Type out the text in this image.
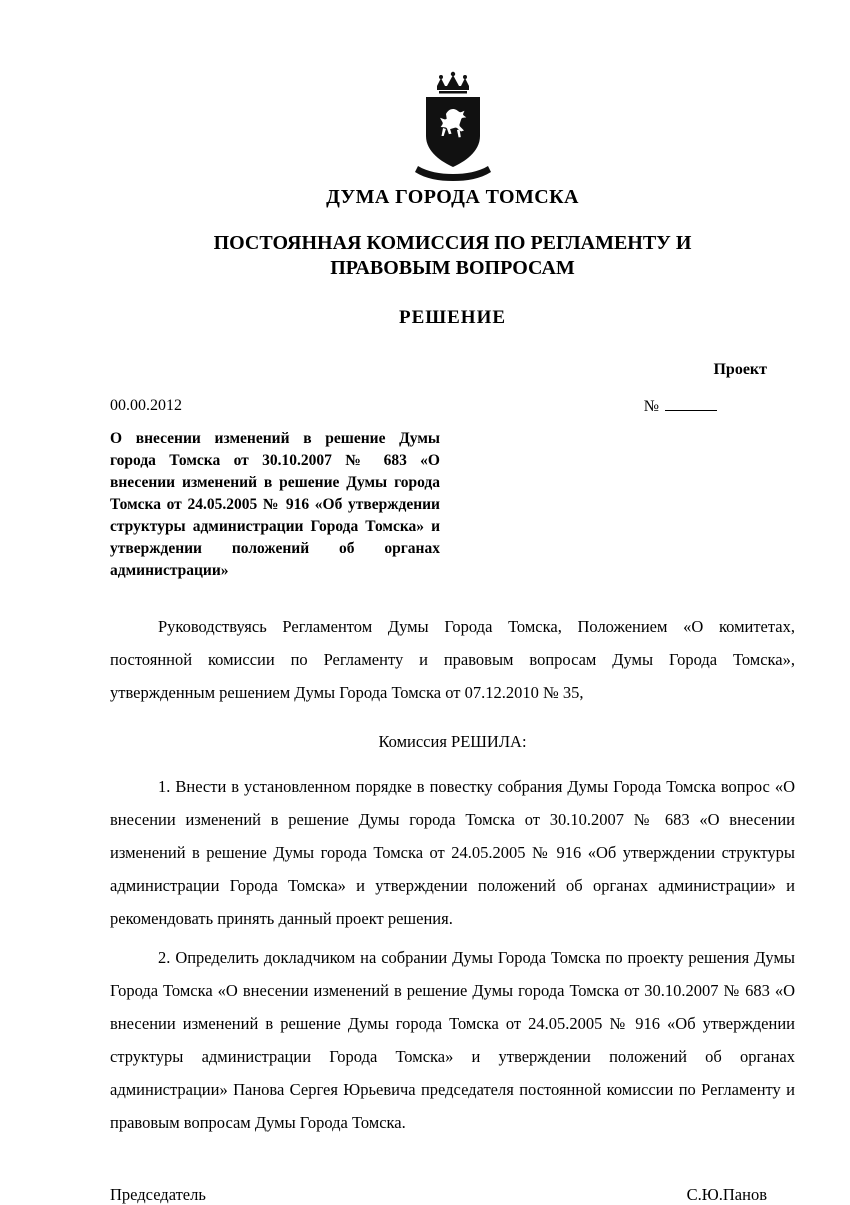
ДУМА ГОРОДА ТОМСКА
ПОСТОЯННАЯ КОМИССИЯ ПО РЕГЛАМЕНТУ И ПРАВОВЫМ ВОПРОСАМ
РЕШЕНИЕ
Проект
00.00.2012	№
О внесении изменений в решение Думы города Томска от 30.10.2007 № 683 «О внесении изменений в решение Думы города Томска от 24.05.2005 № 916 «Об утверждении структуры администрации Города Томска» и утверждении положений об органах администрации»

Руководствуясь Регламентом Думы Города Томска, Положением «О комитетах, постоянной комиссии по Регламенту и правовым вопросам Думы Города Томска», утвержденным решением Думы Города Томска от 07.12.2010 № 35,

Комиссия РЕШИЛА:

1. Внести в установленном порядке в повестку собрания Думы Города Томска вопрос «О внесении изменений в решение Думы города Томска от 30.10.2007 № 683 «О внесении изменений в решение Думы города Томска от 24.05.2005 № 916 «Об утверждении структуры администрации Города Томска» и утверждении положений об органах администрации» и рекомендовать принять данный проект решения.

2. Определить докладчиком на собрании Думы Города Томска по проекту решения Думы Города Томска «О внесении изменений в решение Думы города Томска от 30.10.2007 № 683 «О внесении изменений в решение Думы города Томска от 24.05.2005 № 916 «Об утверждении структуры администрации Города Томска» и утверждении положений об органах администрации» Панова Сергея Юрьевича председателя постоянной комиссии по Регламенту и правовым вопросам Думы Города Томска.

Председатель	С.Ю.Панов
